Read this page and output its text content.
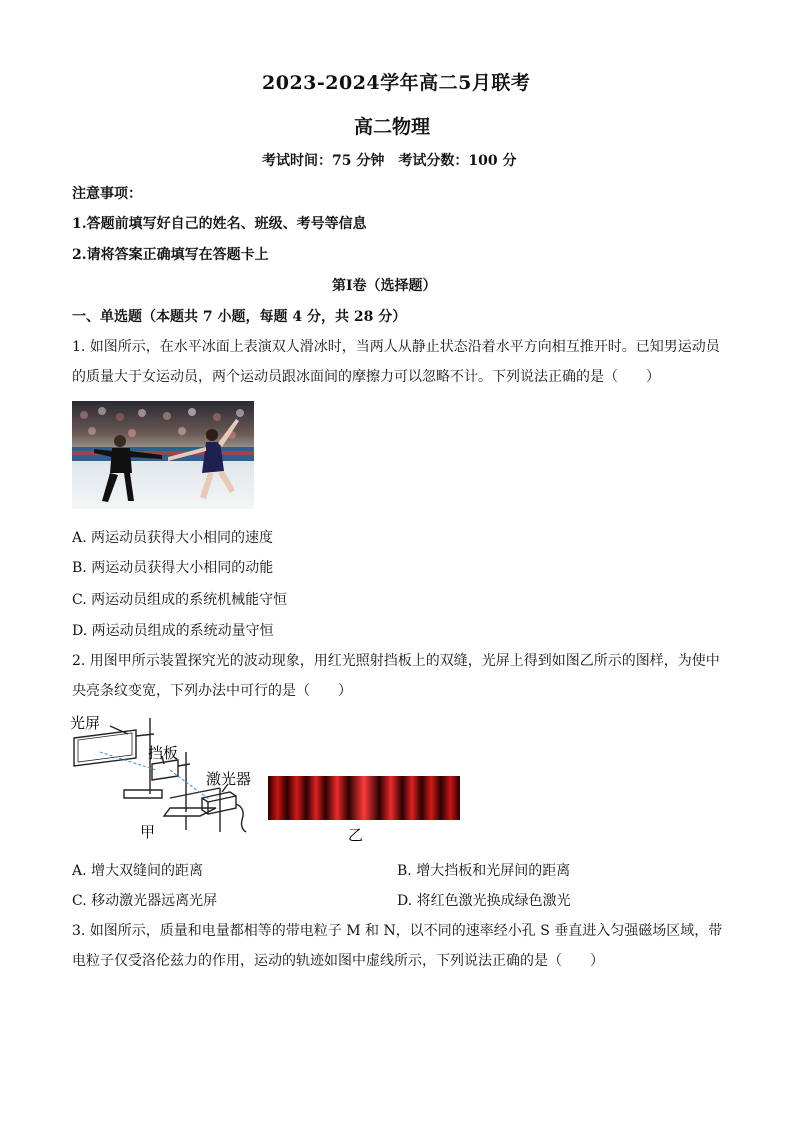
2023-2024学年高二5月联考
高二物理
考试时间：75 分钟　考试分数：100 分
注意事项：
1.答题前填写好自己的姓名、班级、考号等信息
2.请将答案正确填写在答题卡上
第Ⅰ卷（选择题）
一、单选题（本题共 7 小题，每题 4 分，共 28 分）
1. 如图所示，在水平冰面上表演双人滑冰时，当两人从静止状态沿着水平方向相互推开时。已知男运动员
的质量大于女运动员，两个运动员跟冰面间的摩擦力可以忽略不计。下列说法正确的是（　　）
A. 两运动员获得大小相同的速度
B. 两运动员获得大小相同的动能
C. 两运动员组成的系统机械能守恒
D. 两运动员组成的系统动量守恒
2. 用图甲所示装置探究光的波动现象，用红光照射挡板上的双缝，光屏上得到如图乙所示的图样，为使中
央亮条纹变宽，下列办法中可行的是（　　）
光屏
挡板
激光器
甲	乙
A. 增大双缝间的距离	B. 增大挡板和光屏间的距离
C. 移动激光器远离光屏	D. 将红色激光换成绿色激光
3. 如图所示，质量和电量都相等的带电粒子 M 和 N，以不同的速率经小孔 S 垂直进入匀强磁场区域，带
电粒子仅受洛伦兹力的作用，运动的轨迹如图中虚线所示，下列说法正确的是（　　）
